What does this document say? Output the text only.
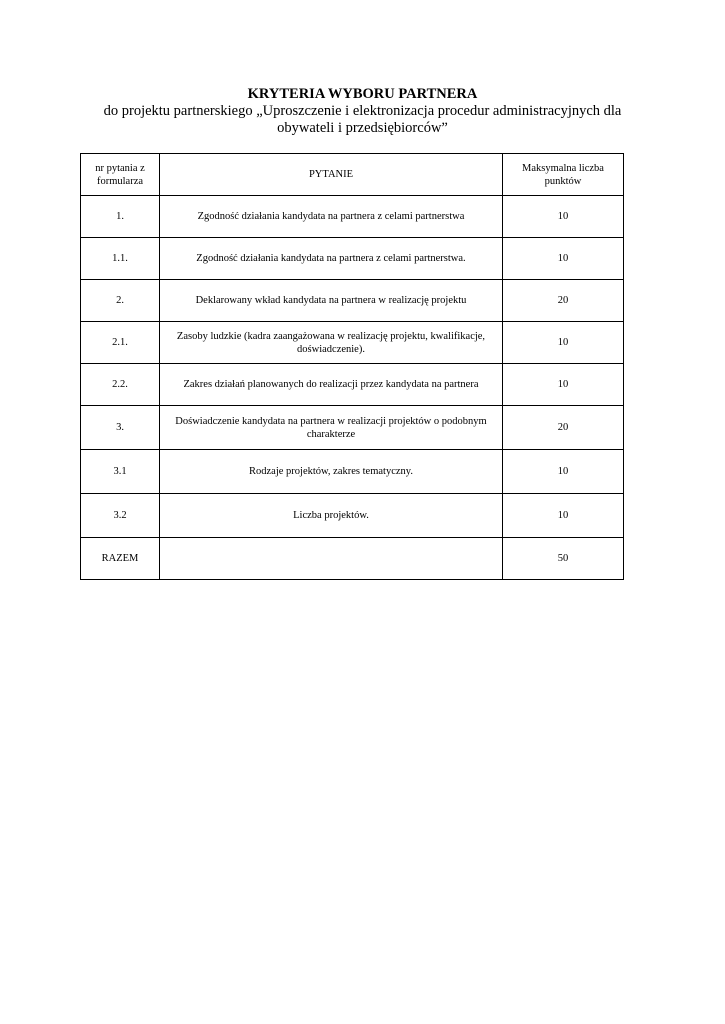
KRYTERIA WYBORU PARTNERA

do projektu partnerskiego „Uproszczenie i elektronizacja procedur administracyjnych dla obywateli i przedsiębiorców”

nr pytania z formularza	PYTANIE	Maksymalna liczba punktów
1.	Zgodność działania kandydata na partnera z celami partnerstwa	10
1.1.	Zgodność działania kandydata na partnera z celami partnerstwa.	10
2.	Deklarowany wkład kandydata na partnera w realizację projektu	20
2.1.	Zasoby ludzkie (kadra zaangażowana w realizację projektu, kwalifikacje, doświadczenie).	10
2.2.	Zakres działań planowanych do realizacji przez kandydata na partnera	10
3.	Doświadczenie kandydata na partnera w realizacji projektów o podobnym charakterze	20
3.1	Rodzaje projektów, zakres tematyczny.	10
3.2	Liczba projektów.	10
RAZEM		50
